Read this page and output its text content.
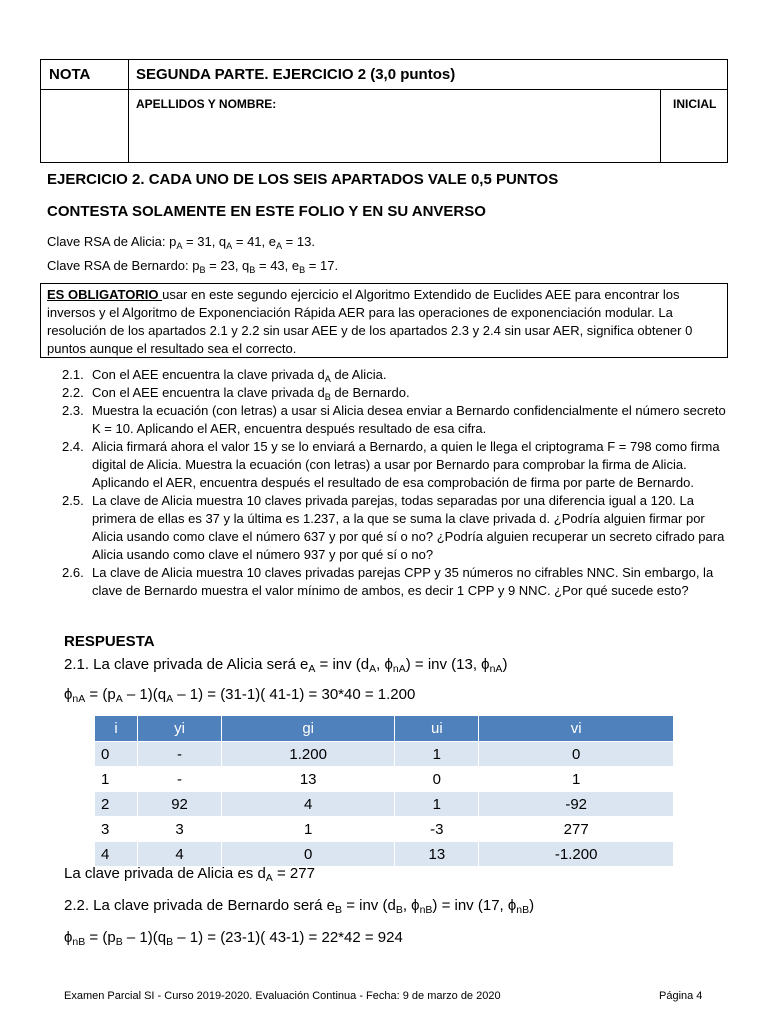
NOTA	SEGUNDA PARTE. EJERCICIO 2 (3,0 puntos)
APELLIDOS Y NOMBRE:	INICIAL
EJERCICIO 2. CADA UNO DE LOS SEIS APARTADOS VALE 0,5 PUNTOS
CONTESTA SOLAMENTE EN ESTE FOLIO Y EN SU ANVERSO
Clave RSA de Alicia: $p_A = 31$, $q_A = 41$, $e_A = 13$.
Clave RSA de Bernardo: $p_B = 23$, $q_B = 43$, $e_B = 17$.
ES OBLIGATORIO usar en este segundo ejercicio el Algoritmo Extendido de Euclides AEE para encontrar los inversos y el Algoritmo de Exponenciación Rápida AER para las operaciones de exponenciación modular. La resolución de los apartados 2.1 y 2.2 sin usar AEE y de los apartados 2.3 y 2.4 sin usar AER, significa obtener 0 puntos aunque el resultado sea el correcto.
2.1. Con el AEE encuentra la clave privada $d_A$ de Alicia.
2.2. Con el AEE encuentra la clave privada $d_B$ de Bernardo.
2.3. Muestra la ecuación (con letras) a usar si Alicia desea enviar a Bernardo confidencialmente el número secreto K = 10. Aplicando el AER, encuentra después resultado de esa cifra.
2.4. Alicia firmará ahora el valor 15 y se lo enviará a Bernardo, a quien le llega el criptograma F = 798 como firma digital de Alicia. Muestra la ecuación (con letras) a usar por Bernardo para comprobar la firma de Alicia. Aplicando el AER, encuentra después el resultado de esa comprobación de firma por parte de Bernardo.
2.5. La clave de Alicia muestra 10 claves privada parejas, todas separadas por una diferencia igual a 120. La primera de ellas es 37 y la última es 1.237, a la que se suma la clave privada d. ¿Podría alguien firmar por Alicia usando como clave el número 637 y por qué sí o no? ¿Podría alguien recuperar un secreto cifrado para Alicia usando como clave el número 937 y por qué sí o no?
2.6. La clave de Alicia muestra 10 claves privadas parejas CPP y 35 números no cifrables NNC. Sin embargo, la clave de Bernardo muestra el valor mínimo de ambos, es decir 1 CPP y 9 NNC. ¿Por qué sucede esto?
RESPUESTA
2.1. La clave privada de Alicia será $e_A$ = inv ($d_A$, $\phi_{nA}$) = inv (13, $\phi_{nA}$)
$\phi_{nA} = (p_A - 1)(q_A - 1) = (31-1)$( 41-1) = 30*40 = 1.200
i	yi	gi	ui	vi
0	-	1.200	1	0
1	-	13	0	1
2	92	4	1	-92
3	3	1	-3	277
4	4	0	13	-1.200
La clave privada de Alicia es $d_A = 277$
2.2. La clave privada de Bernardo será $e_B$ = inv ($d_B$, $\phi_{nB}$) = inv (17, $\phi_{nB}$)
$\phi_{nB} = (p_B - 1)(q_B - 1) = (23-1)$( 43-1) = 22*42 = 924
Examen Parcial SI - Curso 2019-2020. Evaluación Continua - Fecha: 9 de marzo de 2020	Página 4
